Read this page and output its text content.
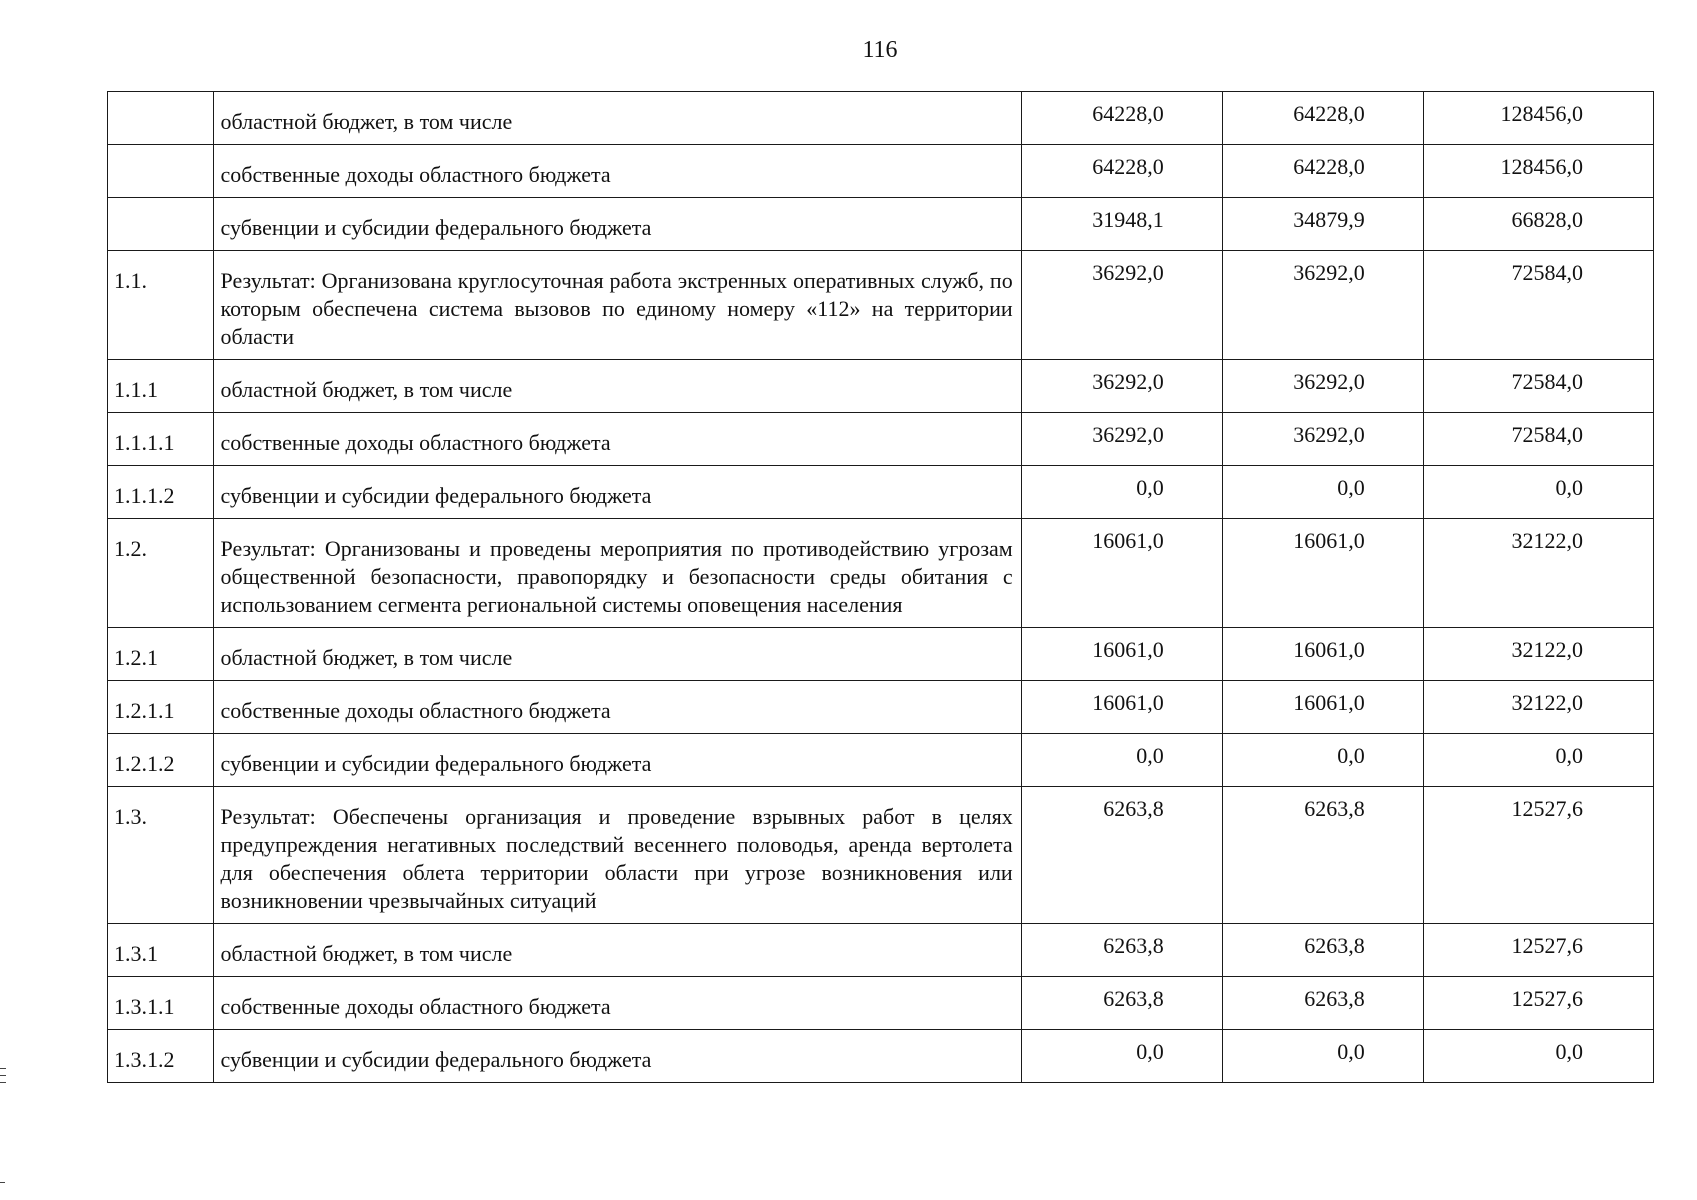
116
	областной бюджет, в том числе	64228,0	64228,0	128456,0
	собственные доходы областного бюджета	64228,0	64228,0	128456,0
	субвенции и субсидии федерального бюджета	31948,1	34879,9	66828,0
1.1.	Результат: Организована круглосуточная работа экстренных оперативных служб, по которым обеспечена система вызовов по единому номеру «112» на территории области	36292,0	36292,0	72584,0
1.1.1	областной бюджет, в том числе	36292,0	36292,0	72584,0
1.1.1.1	собственные доходы областного бюджета	36292,0	36292,0	72584,0
1.1.1.2	субвенции и субсидии федерального бюджета	0,0	0,0	0,0
1.2.	Результат: Организованы и проведены мероприятия по противодействию угрозам общественной безопасности, правопорядку и безопасности среды обитания с использованием сегмента региональной системы оповещения населения	16061,0	16061,0	32122,0
1.2.1	областной бюджет, в том числе	16061,0	16061,0	32122,0
1.2.1.1	собственные доходы областного бюджета	16061,0	16061,0	32122,0
1.2.1.2	субвенции и субсидии федерального бюджета	0,0	0,0	0,0
1.3.	Результат: Обеспечены организация и проведение взрывных работ в целях предупреждения негативных последствий весеннего половодья, аренда вертолета для обеспечения облета территории области при угрозе возникновения или возникновении чрезвычайных ситуаций	6263,8	6263,8	12527,6
1.3.1	областной бюджет, в том числе	6263,8	6263,8	12527,6
1.3.1.1	собственные доходы областного бюджета	6263,8	6263,8	12527,6
1.3.1.2	субвенции и субсидии федерального бюджета	0,0	0,0	0,0
